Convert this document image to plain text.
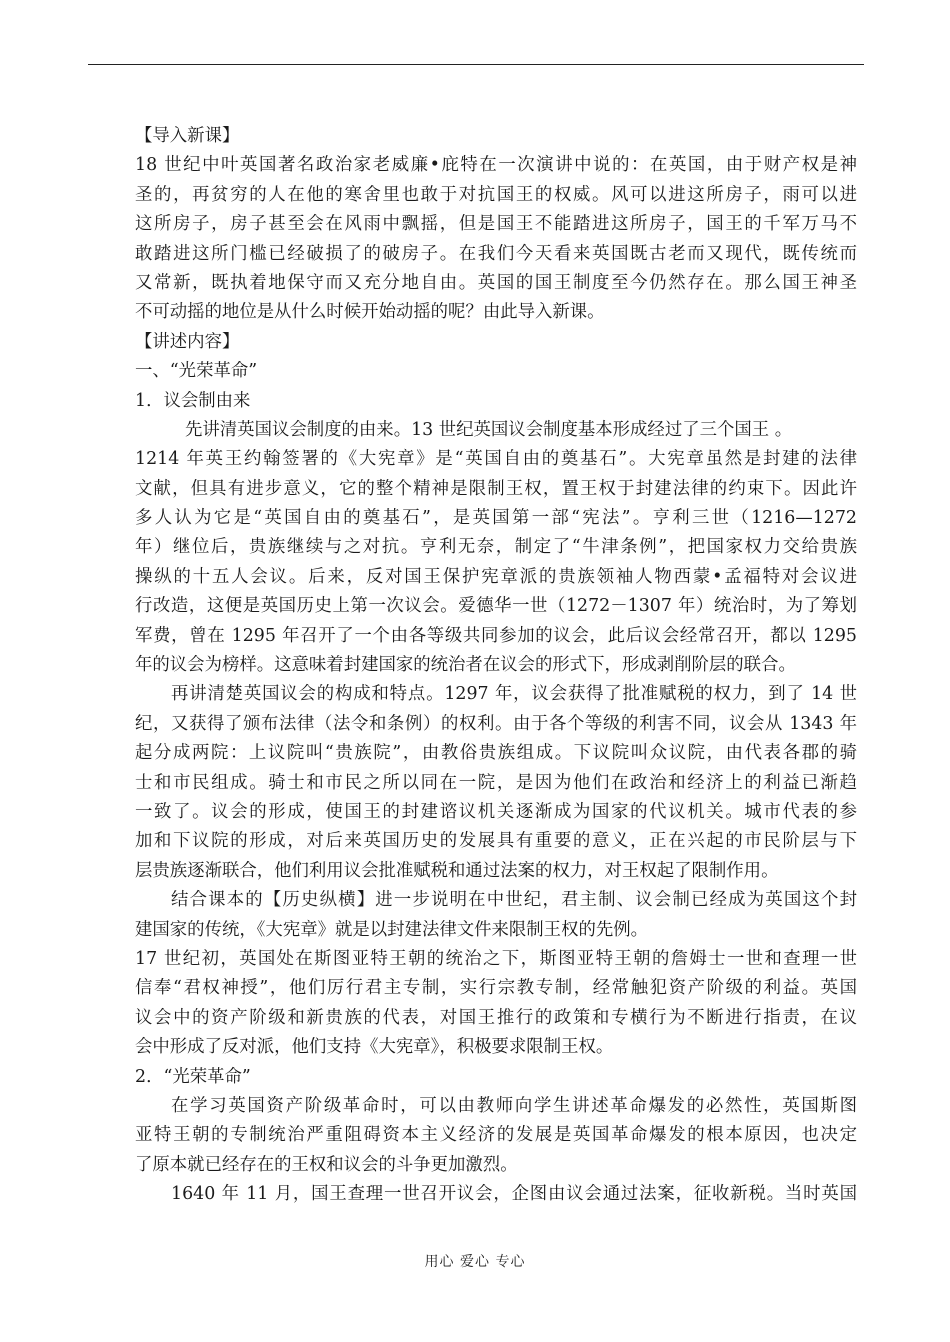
【导入新课】
18 世纪中叶英国著名政治家老威廉•庇特在一次演讲中说的：在英国，由于财产权是神
圣的，再贫穷的人在他的寒舍里也敢于对抗国王的权威。风可以进这所房子，雨可以进
这所房子，房子甚至会在风雨中飘摇，但是国王不能踏进这所房子，国王的千军万马不
敢踏进这所门槛已经破损了的破房子。在我们今天看来英国既古老而又现代，既传统而
又常新，既执着地保守而又充分地自由。英国的国王制度至今仍然存在。那么国王神圣
不可动摇的地位是从什么时候开始动摇的呢？由此导入新课。
【讲述内容】
一、“光荣革命”
1．议会制由来
先讲清英国议会制度的由来。13 世纪英国议会制度基本形成经过了三个国王 。
1214 年英王约翰签署的《大宪章》是“英国自由的奠基石”。大宪章虽然是封建的法律
文献，但具有进步意义，它的整个精神是限制王权，置王权于封建法律的约束下。因此许
多人认为它是“英国自由的奠基石”，是英国第一部“宪法”。亨利三世（1216—1272
年）继位后，贵族继续与之对抗。亨利无奈，制定了“牛津条例”，把国家权力交给贵族
操纵的十五人会议。后来，反对国王保护宪章派的贵族领袖人物西蒙•孟福特对会议进
行改造，这便是英国历史上第一次议会。爱德华一世（1272－1307 年）统治时，为了筹划
军费，曾在 1295 年召开了一个由各等级共同参加的议会，此后议会经常召开，都以 1295
年的议会为榜样。这意味着封建国家的统治者在议会的形式下，形成剥削阶层的联合。
再讲清楚英国议会的构成和特点。1297 年，议会获得了批准赋税的权力，到了 14 世
纪，又获得了颁布法律（法令和条例）的权利。由于各个等级的利害不同，议会从 1343 年
起分成两院：上议院叫“贵族院”，由教俗贵族组成。下议院叫众议院，由代表各郡的骑
士和市民组成。骑士和市民之所以同在一院，是因为他们在政治和经济上的利益已渐趋
一致了。议会的形成，使国王的封建谘议机关逐渐成为国家的代议机关。城市代表的参
加和下议院的形成，对后来英国历史的发展具有重要的意义，正在兴起的市民阶层与下
层贵族逐渐联合，他们利用议会批准赋税和通过法案的权力，对王权起了限制作用。
结合课本的【历史纵横】进一步说明在中世纪，君主制、议会制已经成为英国这个封
建国家的传统，《大宪章》就是以封建法律文件来限制王权的先例。
17 世纪初，英国处在斯图亚特王朝的统治之下，斯图亚特王朝的詹姆士一世和查理一世
信奉“君权神授”，他们厉行君主专制，实行宗教专制，经常触犯资产阶级的利益。英国
议会中的资产阶级和新贵族的代表，对国王推行的政策和专横行为不断进行指责，在议
会中形成了反对派，他们支持《大宪章》，积极要求限制王权。
2．“光荣革命”
在学习英国资产阶级革命时，可以由教师向学生讲述革命爆发的必然性，英国斯图
亚特王朝的专制统治严重阻碍资本主义经济的发展是英国革命爆发的根本原因，也决定
了原本就已经存在的王权和议会的斗争更加激烈。
1640 年 11 月，国王查理一世召开议会，企图由议会通过法案，征收新税。当时英国
用心 爱心 专心
